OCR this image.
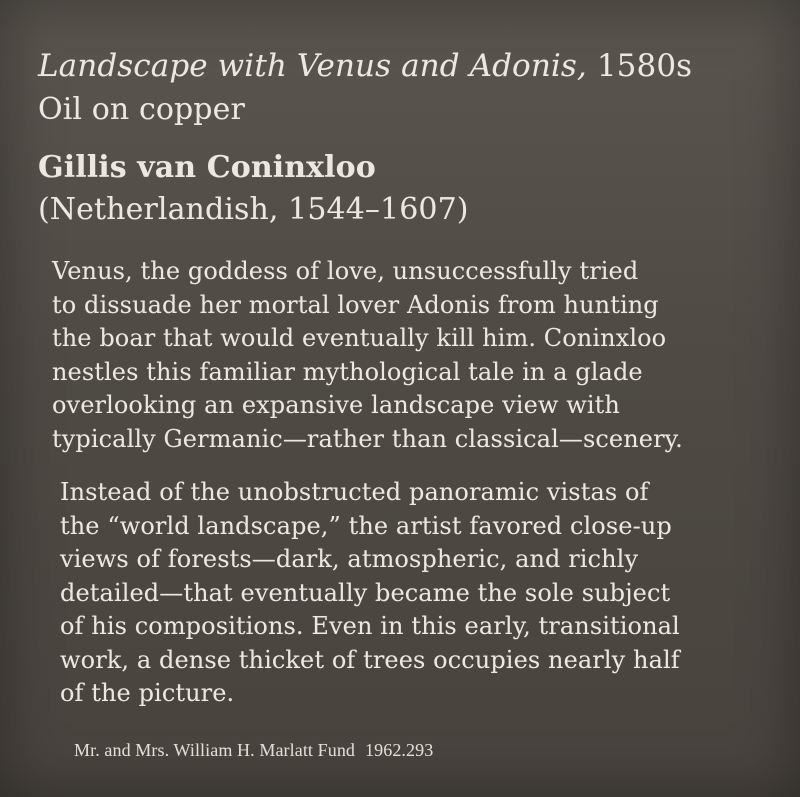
Landscape with Venus and Adonis, 1580s
Oil on copper
Gillis van Coninxloo
(Netherlandish, 1544–1607)
Venus, the goddess of love, unsuccessfully tried
to dissuade her mortal lover Adonis from hunting
the boar that would eventually kill him. Coninxloo
nestles this familiar mythological tale in a glade
overlooking an expansive landscape view with
typically Germanic—rather than classical—scenery.
Instead of the unobstructed panoramic vistas of
the “world landscape,” the artist favored close-up
views of forests—dark, atmospheric, and richly
detailed—that eventually became the sole subject
of his compositions. Even in this early, transitional
work, a dense thicket of trees occupies nearly half
of the picture.
Mr. and Mrs. William H. Marlatt Fund 1962.293
